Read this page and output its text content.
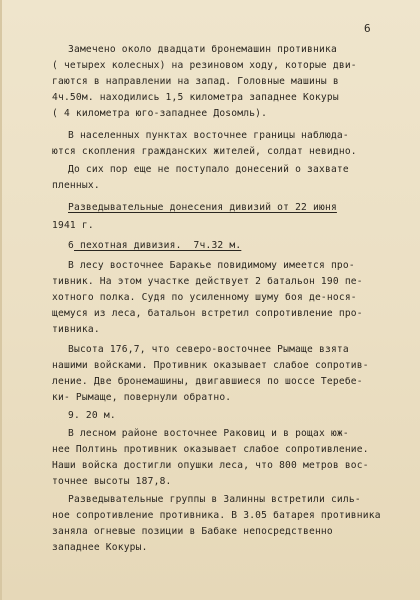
6
Замечено около двадцати бронемашин противника
( четырех колесных) на резиновом ходу, которые дви-
гаются в направлении на запад. Головные машины в
4ч.50м. находились 1,5 километра западнее Кокуры
( 4 километра юго-западнее Доsомль).
В населенных пунктах восточнее границы наблюда-
ются скопления гражданских жителей, солдат невидно.
До сих пор еще не поступало донесений о захвате
пленных.
Разведывательные донесения дивизий от 22 июня
1941 г.
6 пехотная дивизия.  7ч.32 м.
В лесу восточнее Баракье повидимому имеется про-
тивник. На этом участке действует 2 батальон 190 пе-
хотного полка. Судя по усиленному шуму боя де-нося-
щемуся из леса, батальон встретил сопротивление про-
тивника.
Высота 176,7, что северо-восточнее Рымаще взята
нашими войсками. Противник оказывает слабое сопротив-
ление. Две бронемашины, двигавшиеся по шоссе Теребе-
ки- Рымаще, повернули обратно.
9. 20 м.
В лесном районе восточнее Раковиц и в рощах юж-
нее Полтинь противник оказывает слабое сопротивление.
Наши войска достигли опушки леса, что 800 метров вос-
точнее высоты 187,8.
Разведывательные группы в Залинны встретили силь-
ное сопротивление противника. В 3.05 батарея противника
заняла огневые позиции в Бабаке непосредственно
западнее Кокуры.
